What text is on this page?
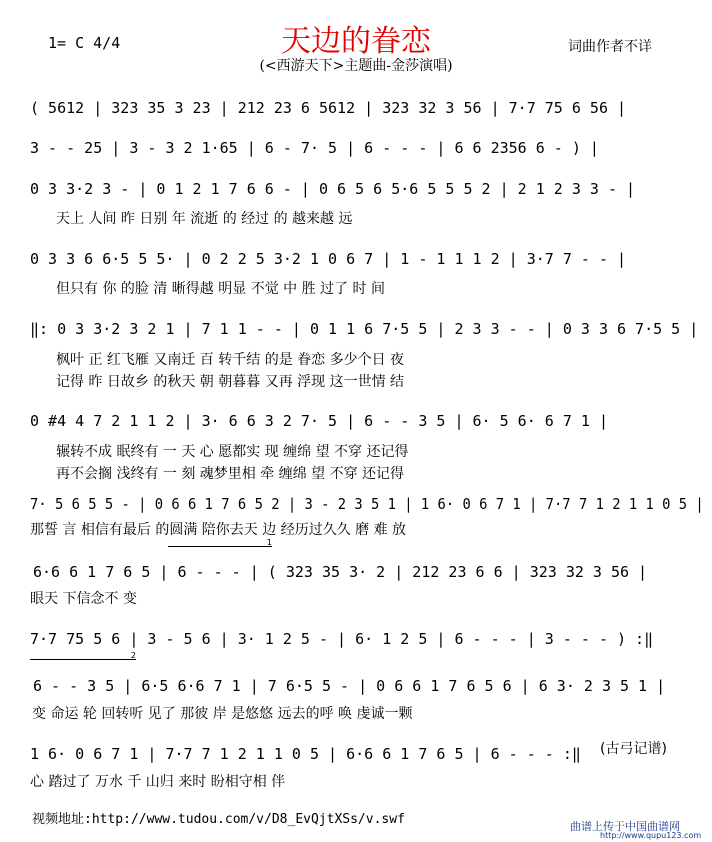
天边的眷恋
(<西游天下>主题曲-金莎演唱)
1= C 4/4	词曲作者不详
( 5612 | 323 35 3 23 | 212 23 6 5612 | 323 32 3 56 | 7·7 75 6 56 |
3 - - 25 | 3 - 3 2 1·65 | 6 - 7· 5 | 6 - - - | 6 6 2356 6 - ) |
0 3 3·2 3 - | 0 1 2 1 7 6 6 - | 0 6 5 6 5·6 5 5 5 2 | 2 1 2 3 3 - |
天上 人间 昨 日别 年 流逝 的 经过 的 越来越 远
0 3 3 6 6·5 5 5· | 0 2 2 5 3·2 1 0 6 7 | 1 - 1 1 1 2 | 3·7 7 - - |
但只有 你 的脸 清 晰得越 明显 不觉 中 胜 过了 时 间
‖: 0 3 3·2 3 2 1 | 7 1 1 - - | 0 1 1 6 7·5 5 | 2 3 3 - - | 0 3 3 6 7·5 5 |
枫叶 正 红飞雁 又南迁 百 转千结 的是 眷恋 多少个日 夜
记得 昨 日故乡 的秋天 朝 朝暮暮 又再 浮现 这一世情 结
0 #4 4 7 2 1 1 2 | 3· 6 6 3 2 7· 5 | 6 - - 3 5 | 6· 5 6· 6 7 1 |
辗转不成 眠终有 一 天 心 愿都实 现 缠绵 望 不穿 还记得
再不会搁 浅终有 一 刻 魂梦里相 牵 缠绵 望 不穿 还记得
7· 5 6 5 5 - | 0 6 6 1 7 6 5 2 | 3 - 2 3 5 1 | 1 6· 0 6 7 1 | 7·7 7 1 2 1 1 0 5 |
那誓 言 相信有最后 的圆满 陪你去天 边 经历过久久 磨 难 放
1
6·6 6 1 7 6 5 | 6 - - - | ( 323 35 3· 2 | 212 23 6 6 | 323 32 3 56 |
眼天 下信念不 变
7·7 75 5 6 | 3 - 5 6 | 3· 1 2 5 - | 6· 1 2 5 | 6 - - - | 3 - - - ) :‖
2
6 - - 3 5 | 6·5 6·6 7 1 | 7 6·5 5 - | 0 6 6 1 7 6 5 6 | 6 3· 2 3 5 1 |
变 命运 轮 回转听 见了 那彼 岸 是悠悠 远去的呼 唤 虔诚一颗
1 6· 0 6 7 1 | 7·7 7 1 2 1 1 0 5 | 6·6 6 1 7 6 5 | 6 - - - :‖
心 踏过了 万水 千 山归 来时 盼相守相 伴
(古弓记谱)
视频地址:http://www.tudou.com/v/D8_EvQjtXSs/v.swf	曲谱上传于中国曲谱网
http://www.qupu123.com
